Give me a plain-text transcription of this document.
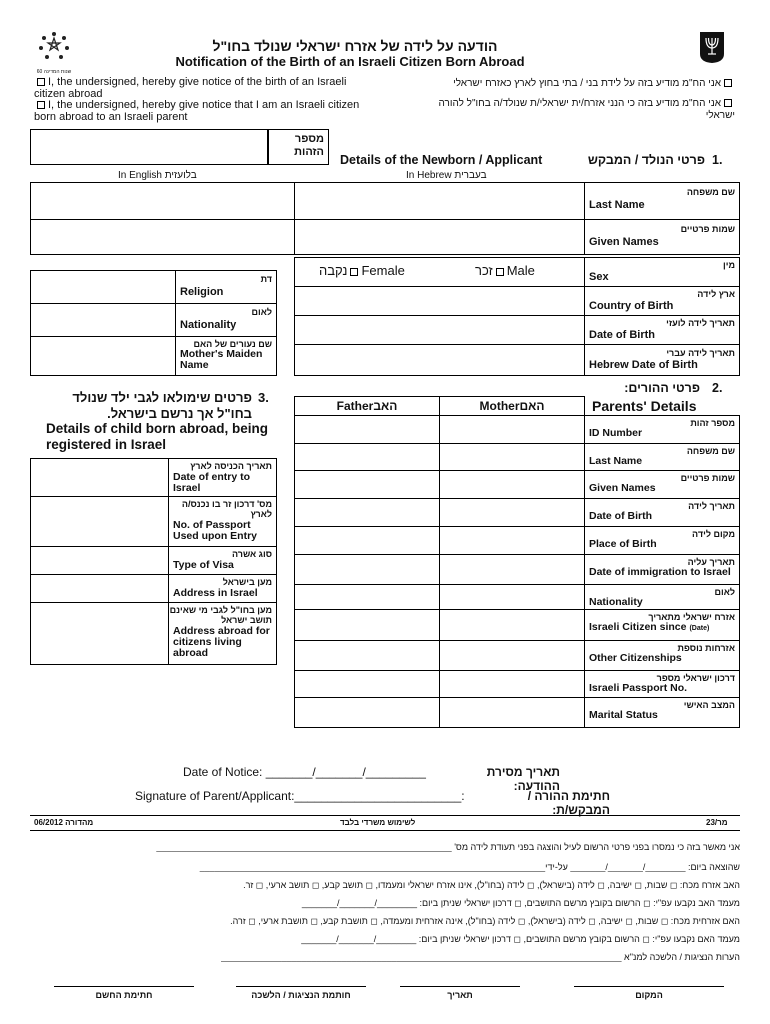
שנות המדינה 60
הודעה על לידה של אזרח ישראלי שנולד בחו"ל
Notification of the Birth of an Israeli Citizen Born Abroad
I, the undersigned, hereby give notice of the birth of an Israeli citizen abroad
I, the undersigned, hereby give notice that I am an Israeli citizen born abroad to an Israeli parent
אני הח"מ מודיע בזה על לידת בני / בתי בחוץ לארץ כאזרח ישראלי
אני הח"מ מודיע בזה כי הנני אזרח/ית ישראלי/ת שנולד/ה בחו"ל להורה ישראלי
מספר הזהות
Details of the Newborn / Applicant	פרטי הנולד / המבקש 1.
In English בלועזית	In Hebrew בעברית
שם משפחה
Last Name
שמות פרטיים
Given Names
נקבה Female	זכר Male	מין
Sex
ארץ לידה
Country of Birth
תאריך לידה לועזי
Date of Birth
תאריך לידה עברי
Hebrew Date of Birth
דת
Religion
לאום
Nationality
שם נעורים של האם
Mother's Maiden Name
פרטי ההורים: 2.
Parents' Details
Fatherהאב	Motherהאם
מספר זהות
ID Number
שם משפחה
Last Name
שמות פרטיים
Given Names
תאריך לידה
Date of Birth
מקום לידה
Place of Birth
תאריך עליה
Date of immigration to Israel
לאום
Nationality
אזרח ישראלי מתאריך
Israeli Citizen since (Date)
אזרחות נוספת
Other Citizenships
דרכון ישראלי מספר
Israeli Passport No.
המצב האישי
Marital Status
3.
פרטים שימולאו לגבי ילד שנולד בחו"ל אך נרשם בישראל.
Details of child born abroad, being registered in Israel
תאריך הכניסה לארץ
Date of entry to Israel
מס' דרכון זר בו נכנס/ה לארץ
No. of Passport Used upon Entry
סוג אשרה
Type of Visa
מען בישראל
Address in Israel
מען בחו"ל לגבי מי שאינם תושב ישראל
Address abroad for citizens living abroad
Date of Notice: _______/_______/_________	תאריך מסירת ההודעה:
Signature of Parent/Applicant:_________________________:	חתימת ההורה / המבקש/ת:
06/2012 מהדורה	לשימוש משרדי בלבד	מר/23
אני מאשר בזה כי נמסרו בפני פרטי הרשום לעיל והוצגה בפני תעודת לידה מס' ___________________________________________________________
שהוצאה ביום: ________/_______/_______ על-ידי_____________________________________________________________________
האב אזרח מכח: ◻ שבות, ◻ ישיבה, ◻ לידה (בישראל), ◻ לידה (בחו"ל), אינו אזרח ישראלי ומעמדו, ◻ תושב קבע, ◻ תושב ארעי, ◻ זר.
מעמד האב נקבעו עפ"י: ◻ הרשום בקובץ מרשם התושבים, ◻ דרכון ישראלי שניתן ביום: ________/_______/_______
האם אזרחית מכח: ◻ שבות, ◻ ישיבה, ◻ לידה (בישראל), ◻ לידה (בחו"ל), אינה אזרחית ומעמדה, ◻ תושבת קבע, ◻ תושבת ארעי, ◻ זרה.
מעמד האם נקבעו עפ"י: ◻ הרשום בקובץ מרשם התושבים, ◻ דרכון ישראלי שניתן ביום: ________/_______/_______
הערות הנציגות / הלשכה למנ"א ________________________________________________________________________________
חתימת החשם	חותמת הנציגות / הלשכה	תאריך	המקום
